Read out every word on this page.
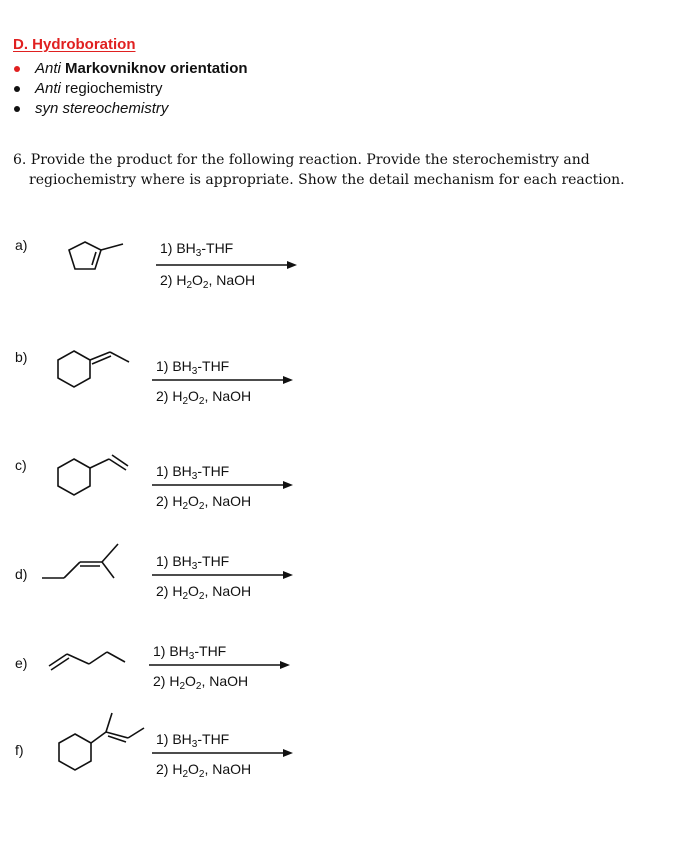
D. Hydroboration
Anti Markovniknov orientation
Anti regiochemistry
syn stereochemistry
6. Provide the product for the following reaction. Provide the sterochemistry and
regiochemistry where is appropriate. Show the detail mechanism for each reaction.
a)	1) $BH_3$-THF
2) $H_2O_2$, NaOH
b)
1) $BH_3$-THF
2) $H_2O_2$, NaOH
c)	1) $BH_3$-THF
2) $H_2O_2$, NaOH
d)
1) $BH_3$-THF
2) $H_2O_2$, NaOH
e)
1) $BH_3$-THF
2) $H_2O_2$, NaOH
f)
1) $BH_3$-THF
2) $H_2O_2$, NaOH
